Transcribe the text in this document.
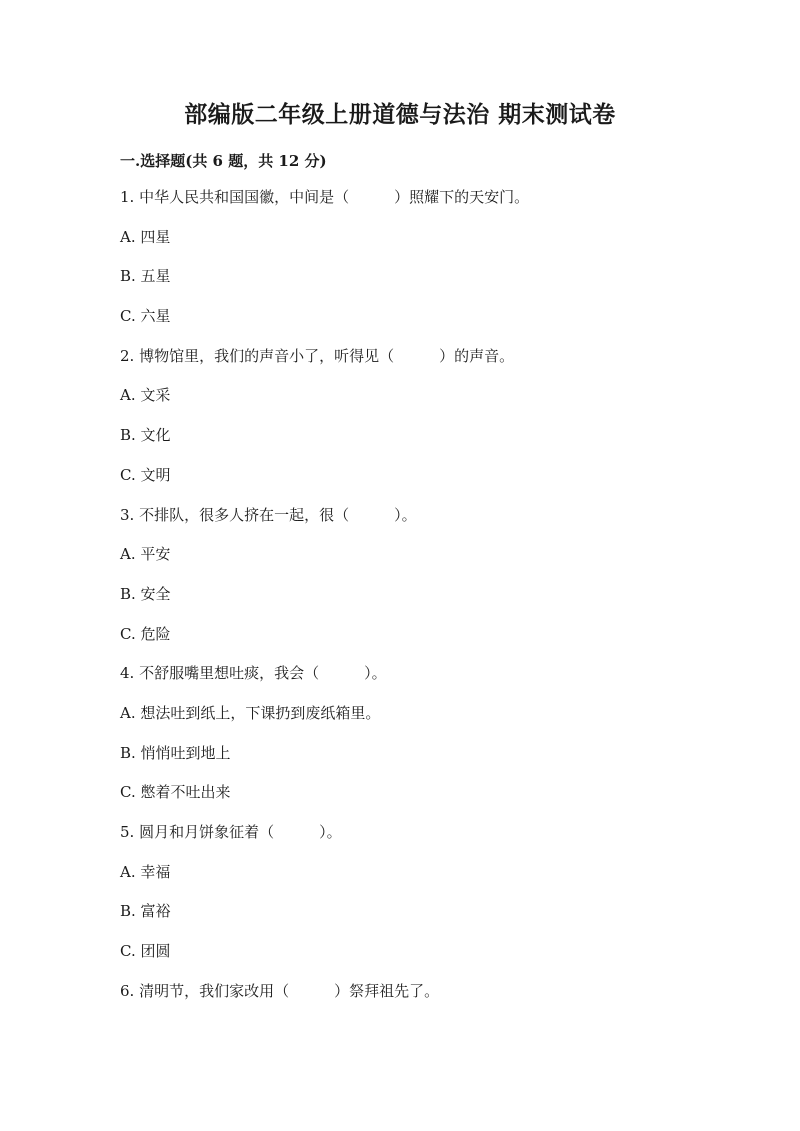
部编版二年级上册道德与法治 期末测试卷
一.选择题(共 6 题，共 12 分)
1. 中华人民共和国国徽，中间是（　　　）照耀下的天安门。
A. 四星
B. 五星
C. 六星
2. 博物馆里，我们的声音小了，听得见（　　　）的声音。
A. 文采
B. 文化
C. 文明
3. 不排队，很多人挤在一起，很（　　　）。
A. 平安
B. 安全
C. 危险
4. 不舒服嘴里想吐痰，我会（　　　）。
A. 想法吐到纸上，下课扔到废纸箱里。
B. 悄悄吐到地上
C. 憋着不吐出来
5. 圆月和月饼象征着（　　　）。
A. 幸福
B. 富裕
C. 团圆
6. 清明节，我们家改用（　　　）祭拜祖先了。
